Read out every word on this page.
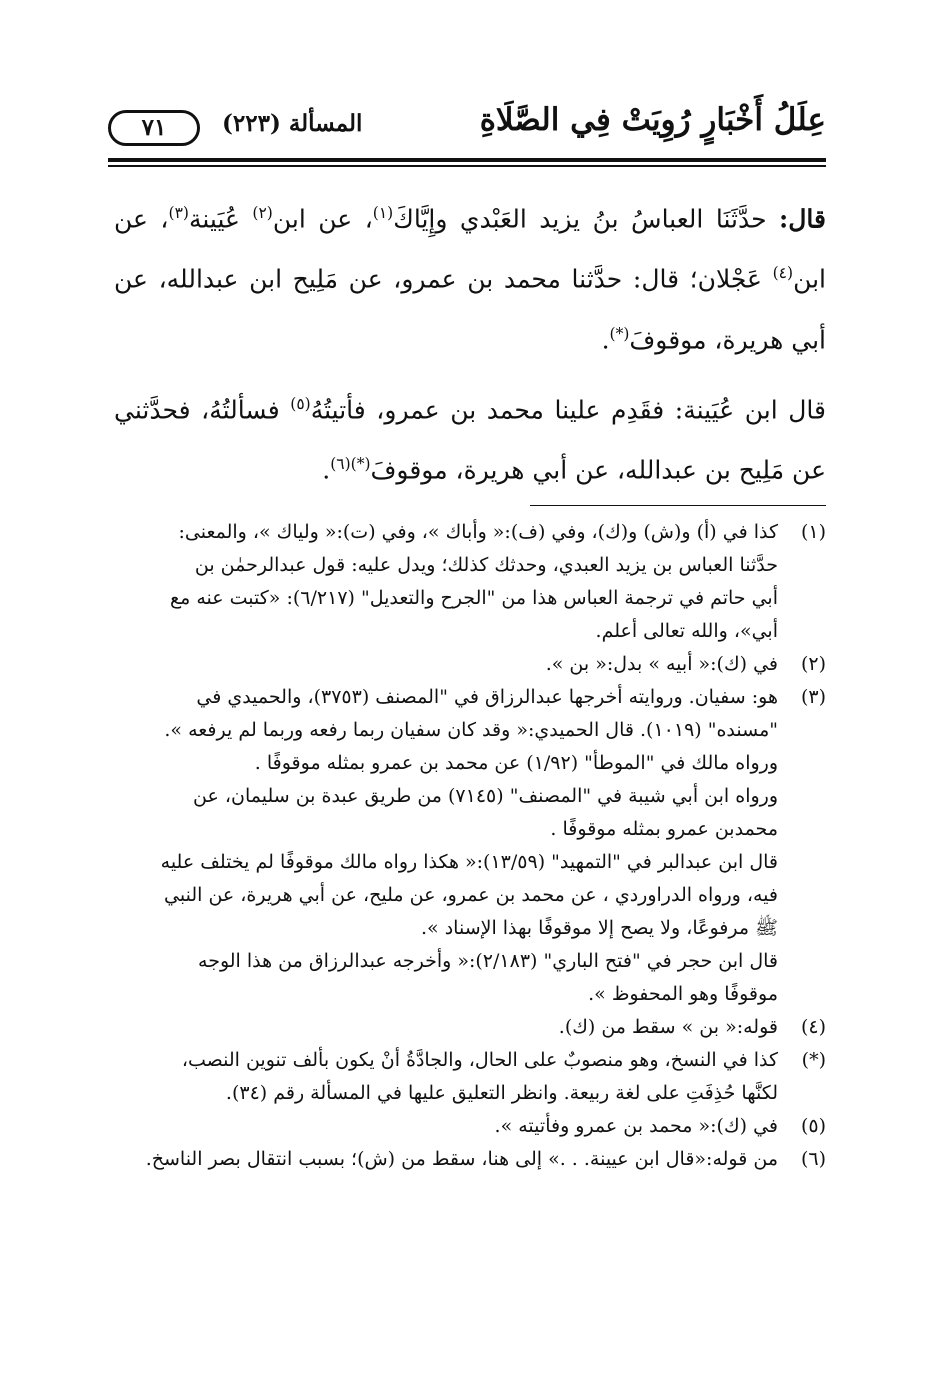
عِلَلُ أَخْبَارٍ رُوِيَتْ فِي الصَّلَاةِ
المسألة (٢٢٣)
٧١

قال: حدَّثَنَا العباسُ بنُ يزيد العَبْدي وإِيَّاكَ$^{(١)}$، عن ابن$^{(٢)}$ عُيَينة$^{(٣)}$، عن ابن$^{(٤)}$ عَجْلان؛ قال: حدَّثنا محمد بن عمرو، عن مَلِيح ابن عبدالله، عن أبي هريرة، موقوفَ(*).

قال ابن عُيَينة: فقَدِم علينا محمد بن عمرو، فأتيتُهُ$^{(٥)}$ فسألتُهُ، فحدَّثني عن مَلِيح بن عبدالله، عن أبي هريرة، موقوفَ$^{(*)(٦)}$.

(١)
كذا في (أ) و(ش) و(ك)، وفي (ف):« وأباك »، وفي (ت):« ولياك »، والمعنى:
حدَّثنا العباس بن يزيد العبدي، وحدثك كذلك؛ ويدل عليه: قول عبدالرحمٰن بن
أبي حاتم في ترجمة العباس هذا من "الجرح والتعديل" (٦/٢١٧): «كتبت عنه مع
أبي»، والله تعالى أعلم.
(٢)
في (ك):« أبيه » بدل:« بن ».
(٣)
هو: سفيان. وروايته أخرجها عبدالرزاق في "المصنف (٣٧٥٣)، والحميدي في
"مسنده" (١٠١٩). قال الحميدي:« وقد كان سفيان ربما رفعه وربما لم يرفعه ».
ورواه مالك في "الموطأ" (١/٩٢) عن محمد بن عمرو بمثله موقوفًا .
ورواه ابن أبي شيبة في "المصنف" (٧١٤٥) من طريق عبدة بن سليمان، عن
محمدبن عمرو بمثله موقوفًا .
قال ابن عبدالبر في "التمهيد" (١٣/٥٩):« هكذا رواه مالك موقوفًا لم يختلف عليه
فيه، ورواه الدراوردي ، عن محمد بن عمرو، عن مليح، عن أبي هريرة، عن النبي
ﷺ مرفوعًا، ولا يصح إلا موقوفًا بهذا الإسناد ».
قال ابن حجر في "فتح الباري" (٢/١٨٣):« وأخرجه عبدالرزاق من هذا الوجه
موقوفًا وهو المحفوظ ».
(٤)
قوله:« بن » سقط من (ك).
(*)
كذا في النسخ، وهو منصوبٌ على الحال، والجادَّةُ أنْ يكون بألف تنوين النصب،
لكنَّها حُذِفَتِ على لغة ربيعة. وانظر التعليق عليها في المسألة رقم (٣٤).
(٥)
في (ك):« محمد بن عمرو وفأتيته ».
(٦)
من قوله:«قال ابن عيينة. . .» إلى هنا، سقط من (ش)؛ بسبب انتقال بصر الناسخ.
